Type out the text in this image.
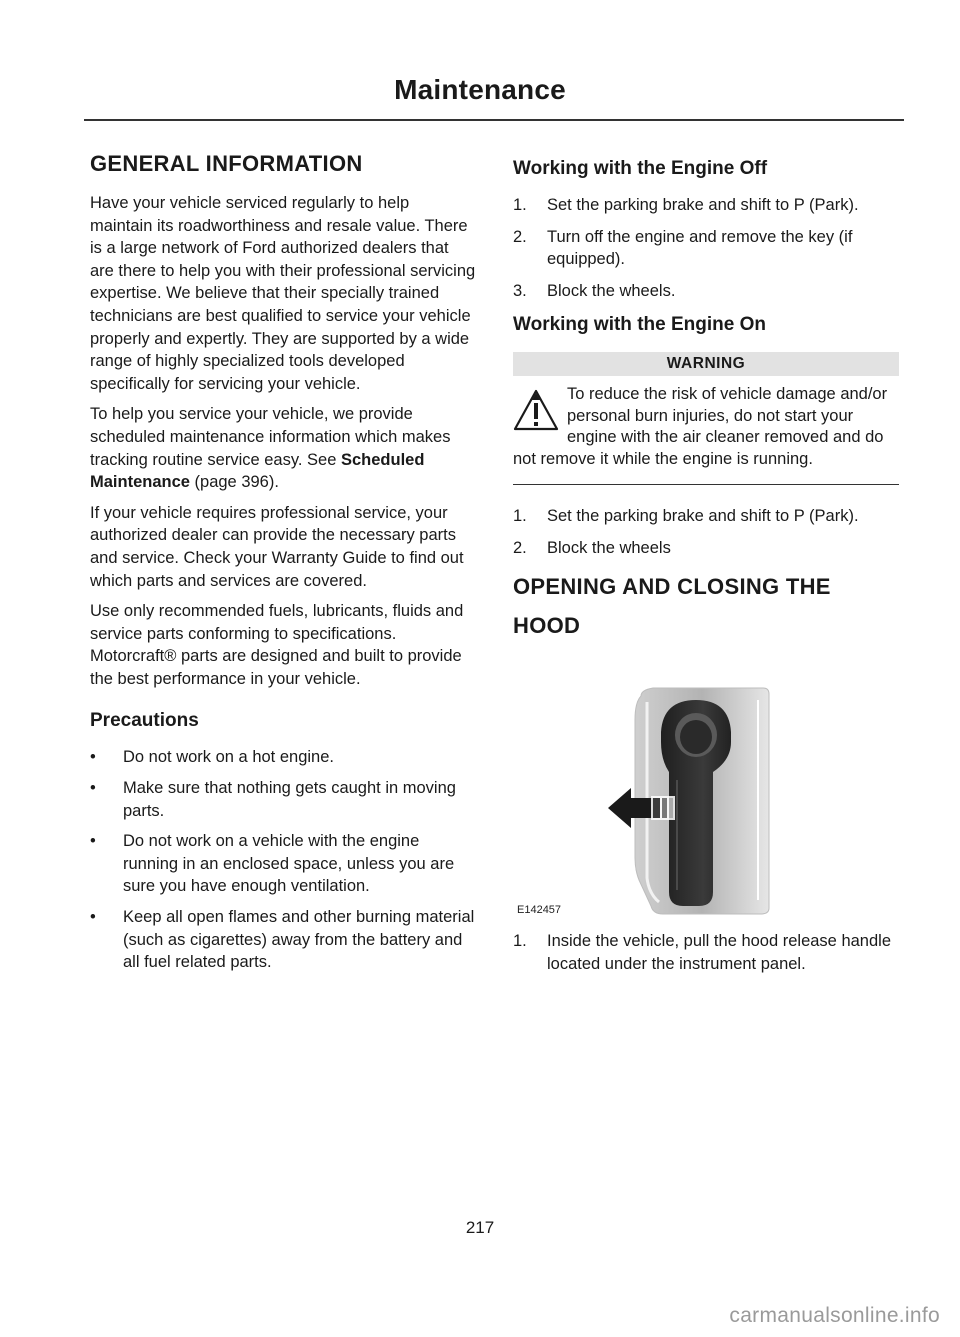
Maintenance
GENERAL INFORMATION

Have your vehicle serviced regularly to help maintain its roadworthiness and resale value. There is a large network of Ford authorized dealers that are there to help you with their professional servicing expertise. We believe that their specially trained technicians are best qualified to service your vehicle properly and expertly. They are supported by a wide range of highly specialized tools developed specifically for servicing your vehicle.

To help you service your vehicle, we provide scheduled maintenance information which makes tracking routine service easy. See Scheduled Maintenance (page 396).

If your vehicle requires professional service, your authorized dealer can provide the necessary parts and service. Check your Warranty Guide to find out which parts and services are covered.

Use only recommended fuels, lubricants, fluids and service parts conforming to specifications. Motorcraft® parts are designed and built to provide the best performance in your vehicle.

Precautions
• Do not work on a hot engine.
• Make sure that nothing gets caught in moving parts.
• Do not work on a vehicle with the engine running in an enclosed space, unless you are sure you have enough ventilation.
• Keep all open flames and other burning material (such as cigarettes) away from the battery and all fuel related parts.
Working with the Engine Off
1. Set the parking brake and shift to P (Park).
2. Turn off the engine and remove the key (if equipped).
3. Block the wheels.
Working with the Engine On
WARNING
To reduce the risk of vehicle damage and/or personal burn injuries, do not start your engine with the air cleaner removed and do not remove it while the engine is running.
1. Set the parking brake and shift to P (Park).
2. Block the wheels
OPENING AND CLOSING THE
HOOD
E142457
1. Inside the vehicle, pull the hood release handle located under the instrument panel.
217
carmanualsonline.info
